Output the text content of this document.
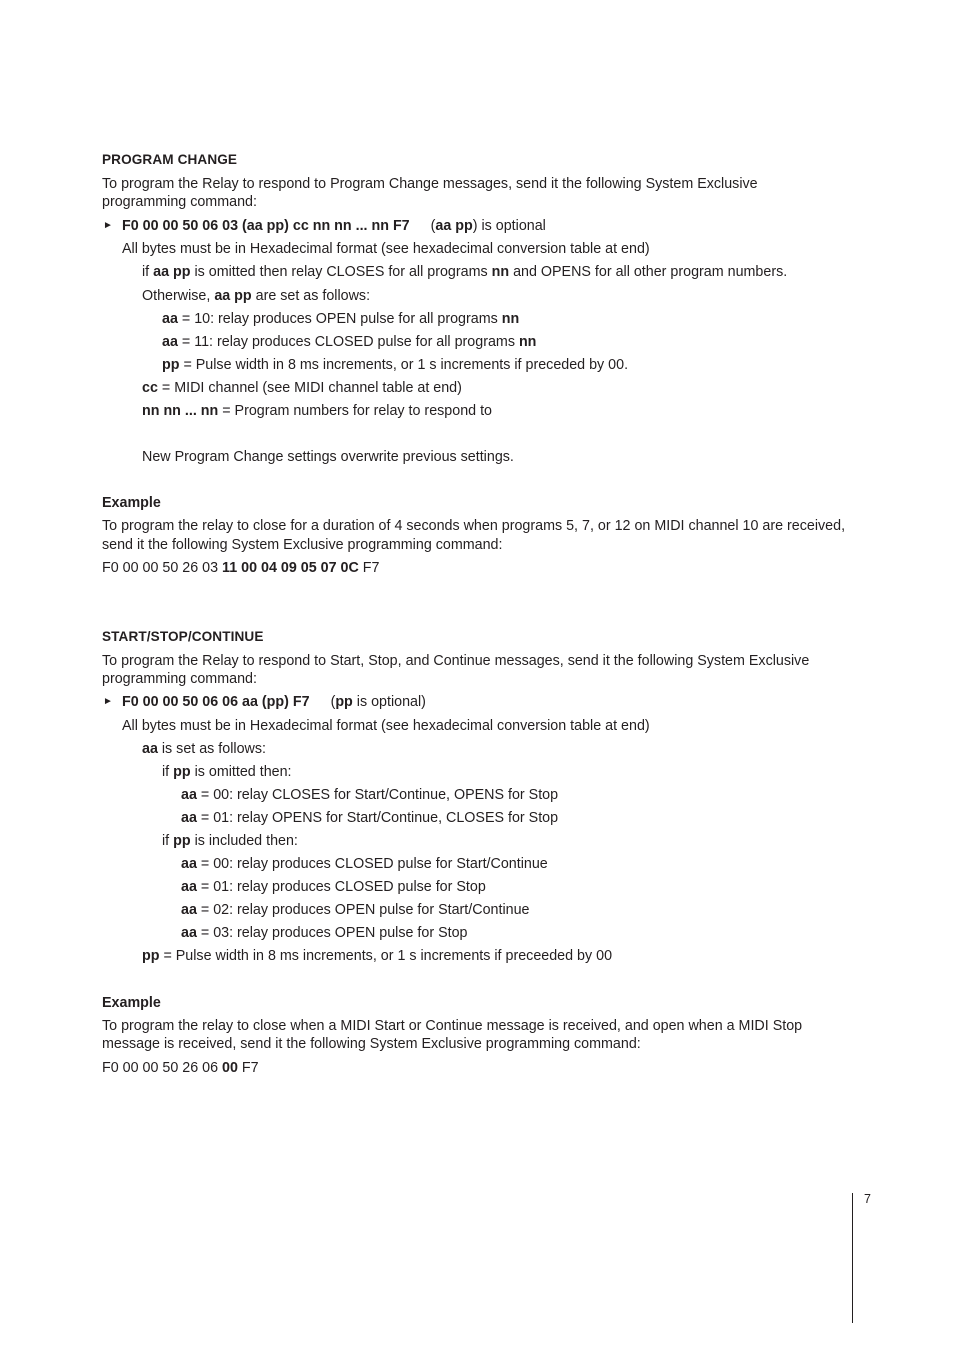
PROGRAM CHANGE
To program the Relay to respond to Program Change messages, send it the following System Exclusive
programming command:
► F0 00 00 50 06 03 (aa pp) cc nn nn ... nn F7 (aa pp) is optional
All bytes must be in Hexadecimal format (see hexadecimal conversion table at end)
if aa pp is omitted then relay CLOSES for all programs nn and OPENS for all other program numbers.
Otherwise, aa pp are set as follows:
aa = 10: relay produces OPEN pulse for all programs nn
aa = 11: relay produces CLOSED pulse for all programs nn
pp = Pulse width in 8 ms increments, or 1 s increments if preceded by 00.
cc = MIDI channel (see MIDI channel table at end)
nn nn ... nn = Program numbers for relay to respond to
New Program Change settings overwrite previous settings.
Example
To program the relay to close for a duration of 4 seconds when programs 5, 7, or 12 on MIDI channel 10 are received,
send it the following System Exclusive programming command:
F0 00 00 50 26 03 11 00 04 09 05 07 0C F7
START/STOP/CONTINUE
To program the Relay to respond to Start, Stop, and Continue messages, send it the following System Exclusive
programming command:
► F0 00 00 50 06 06 aa (pp) F7 (pp is optional)
All bytes must be in Hexadecimal format (see hexadecimal conversion table at end)
aa is set as follows:
if pp is omitted then:
aa = 00: relay CLOSES for Start/Continue, OPENS for Stop
aa = 01: relay OPENS for Start/Continue, CLOSES for Stop
if pp is included then:
aa = 00: relay produces CLOSED pulse for Start/Continue
aa = 01: relay produces CLOSED pulse for Stop
aa = 02: relay produces OPEN pulse for Start/Continue
aa = 03: relay produces OPEN pulse for Stop
pp = Pulse width in 8 ms increments, or 1 s increments if preceeded by 00
Example
To program the relay to close when a MIDI Start or Continue message is received, and open when a MIDI Stop
message is received, send it the following System Exclusive programming command:
F0 00 00 50 26 06 00 F7
7
